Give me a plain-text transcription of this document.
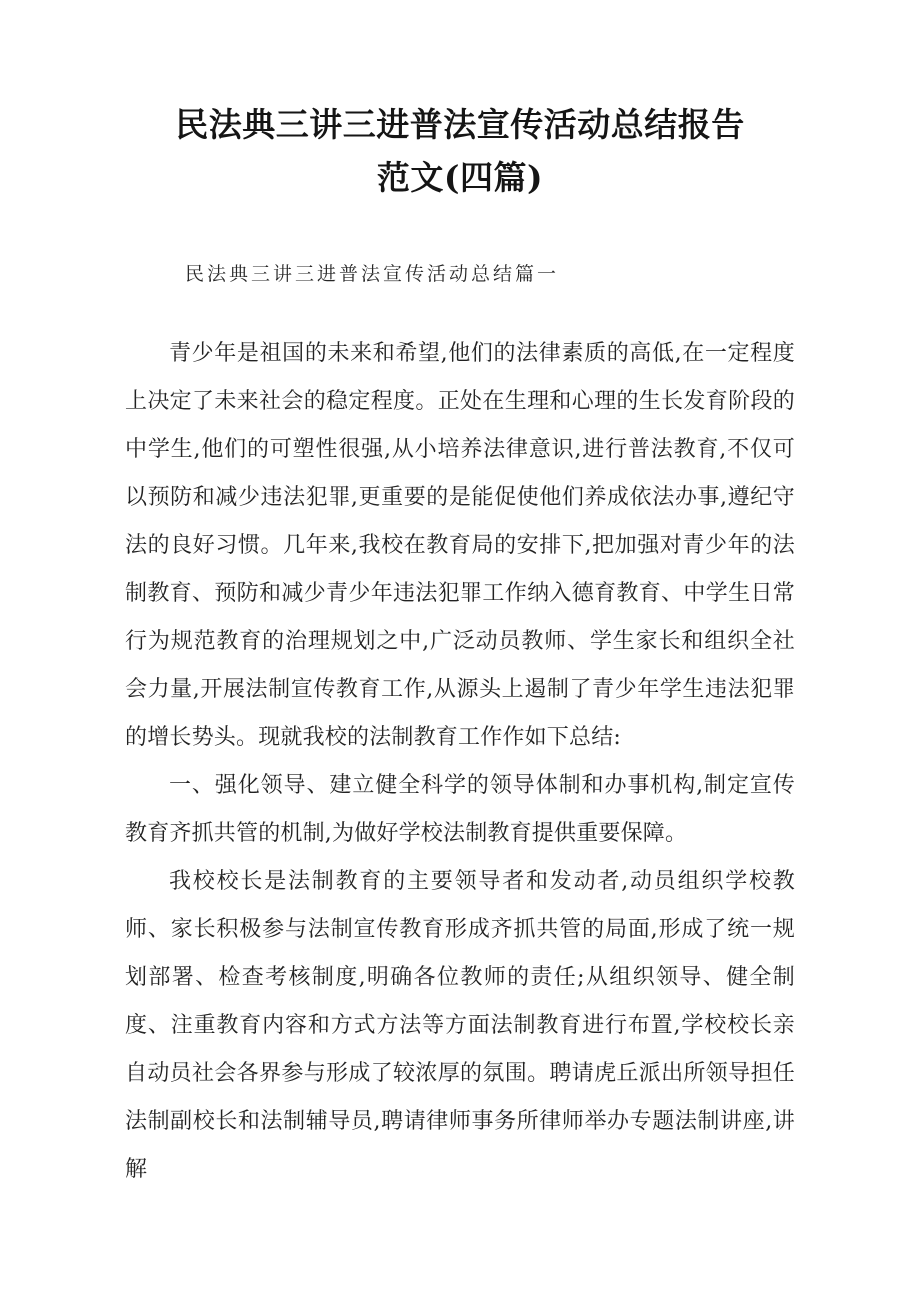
民法典三讲三进普法宣传活动总结报告
范文(四篇)
民法典三讲三进普法宣传活动总结篇一

青少年是祖国的未来和希望,他们的法律素质的高低,在一定程度上决定了未来社会的稳定程度。正处在生理和心理的生长发育阶段的中学生,他们的可塑性很强,从小培养法律意识,进行普法教育,不仅可以预防和减少违法犯罪,更重要的是能促使他们养成依法办事,遵纪守法的良好习惯。几年来,我校在教育局的安排下,把加强对青少年的法制教育、预防和减少青少年违法犯罪工作纳入德育教育、中学生日常行为规范教育的治理规划之中,广泛动员教师、学生家长和组织全社会力量,开展法制宣传教育工作,从源头上遏制了青少年学生违法犯罪的增长势头。现就我校的法制教育工作作如下总结:

一、强化领导、建立健全科学的领导体制和办事机构,制定宣传教育齐抓共管的机制,为做好学校法制教育提供重要保障。

我校校长是法制教育的主要领导者和发动者,动员组织学校教师、家长积极参与法制宣传教育形成齐抓共管的局面,形成了统一规划部署、检查考核制度,明确各位教师的责任;从组织领导、健全制度、注重教育内容和方式方法等方面法制教育进行布置,学校校长亲自动员社会各界参与形成了较浓厚的氛围。聘请虎丘派出所领导担任法制副校长和法制辅导员,聘请律师事务所律师举办专题法制讲座,讲解
